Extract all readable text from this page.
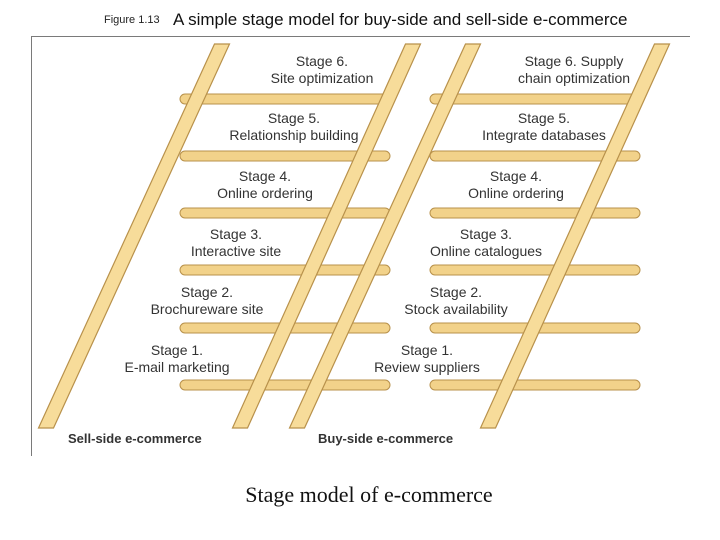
Figure 1.13 A simple stage model for buy-side and sell-side e-commerce
Stage 1.
E-mail marketing
Stage 2.
Brochureware site
Stage 3.
Interactive site
Stage 4.
Online ordering
Stage 5.
Relationship building
Stage 6.
Site optimization
Stage 1.
Review suppliers
Stage 2.
Stock availability
Stage 3.
Online catalogues
Stage 4.
Online ordering
Stage 5.
Integrate databases
Stage 6. Supply
chain optimization
Sell-side e-commerce	Buy-side e-commerce
Stage model of e-commerce
